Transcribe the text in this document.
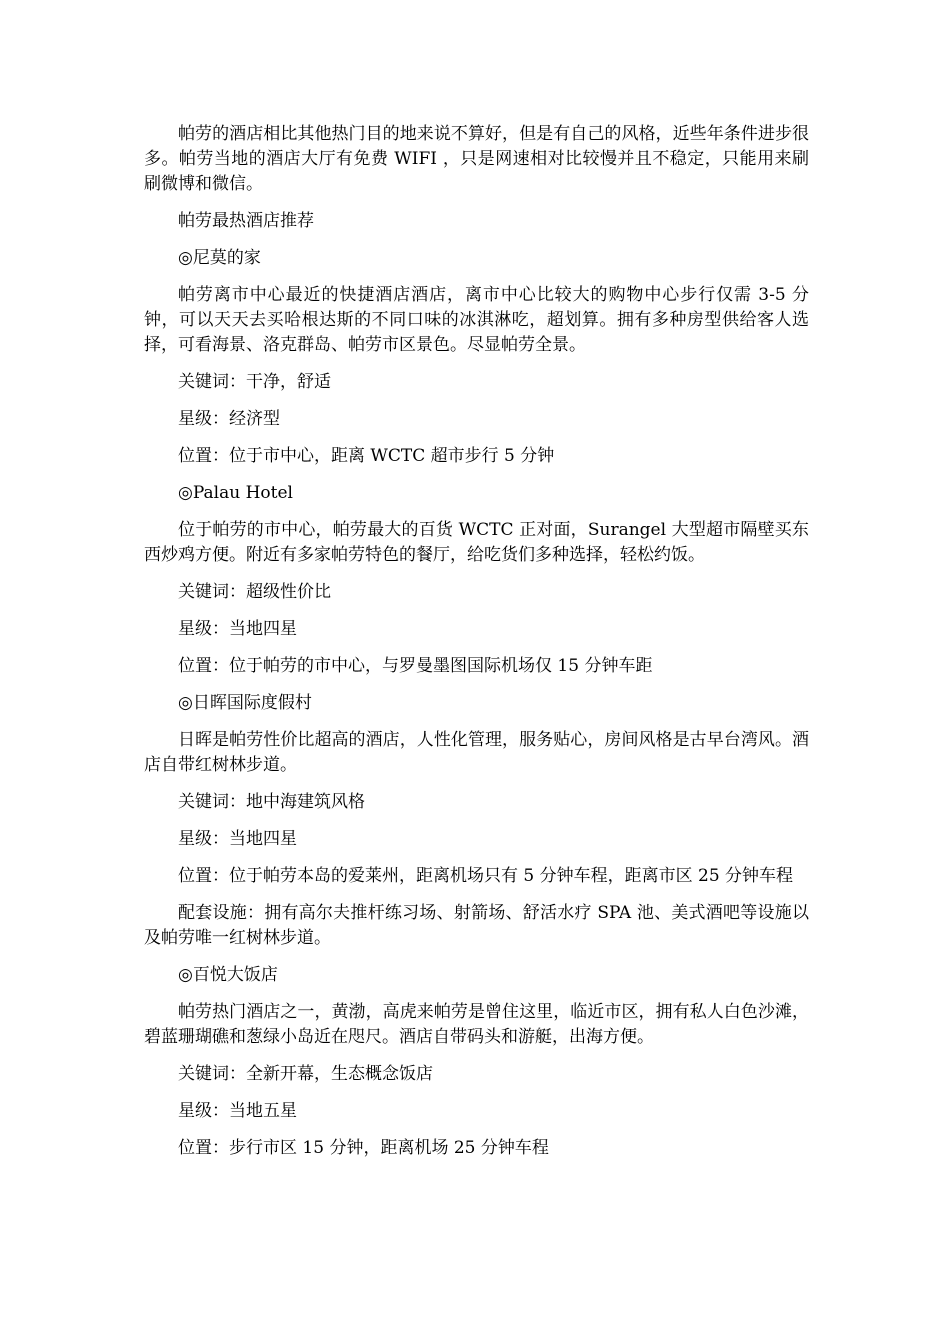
帕劳的酒店相比其他热门目的地来说不算好，但是有自己的风格，近些年条件进步很多。帕劳当地的酒店大厅有免费 WIFI ，只是网速相对比较慢并且不稳定，只能用来刷刷微博和微信。

帕劳最热酒店推荐

◎尼莫的家

帕劳离市中心最近的快捷酒店酒店，离市中心比较大的购物中心步行仅需 3-5 分钟，可以天天去买哈根达斯的不同口味的冰淇淋吃，超划算。拥有多种房型供给客人选择，可看海景、洛克群岛、帕劳市区景色。尽显帕劳全景。

关键词：干净，舒适

星级：经济型

位置：位于市中心，距离 WCTC 超市步行 5 分钟

◎Palau Hotel

位于帕劳的市中心，帕劳最大的百货 WCTC 正对面，Surangel 大型超市隔壁买东西炒鸡方便。附近有多家帕劳特色的餐厅，给吃货们多种选择，轻松约饭。

关键词：超级性价比

星级：当地四星

位置：位于帕劳的市中心，与罗曼墨图国际机场仅 15 分钟车距

◎日晖国际度假村

日晖是帕劳性价比超高的酒店，人性化管理，服务贴心，房间风格是古早台湾风。酒店自带红树林步道。

关键词：地中海建筑风格

星级：当地四星

位置：位于帕劳本岛的爱莱州，距离机场只有 5 分钟车程，距离市区 25 分钟车程

配套设施：拥有高尔夫推杆练习场、射箭场、舒活水疗 SPA 池、美式酒吧等设施以及帕劳唯一红树林步道。

◎百悦大饭店

帕劳热门酒店之一，黄渤，高虎来帕劳是曾住这里，临近市区，拥有私人白色沙滩，碧蓝珊瑚礁和葱绿小岛近在咫尺。酒店自带码头和游艇，出海方便。

关键词：全新开幕，生态概念饭店

星级：当地五星

位置：步行市区 15 分钟，距离机场 25 分钟车程
